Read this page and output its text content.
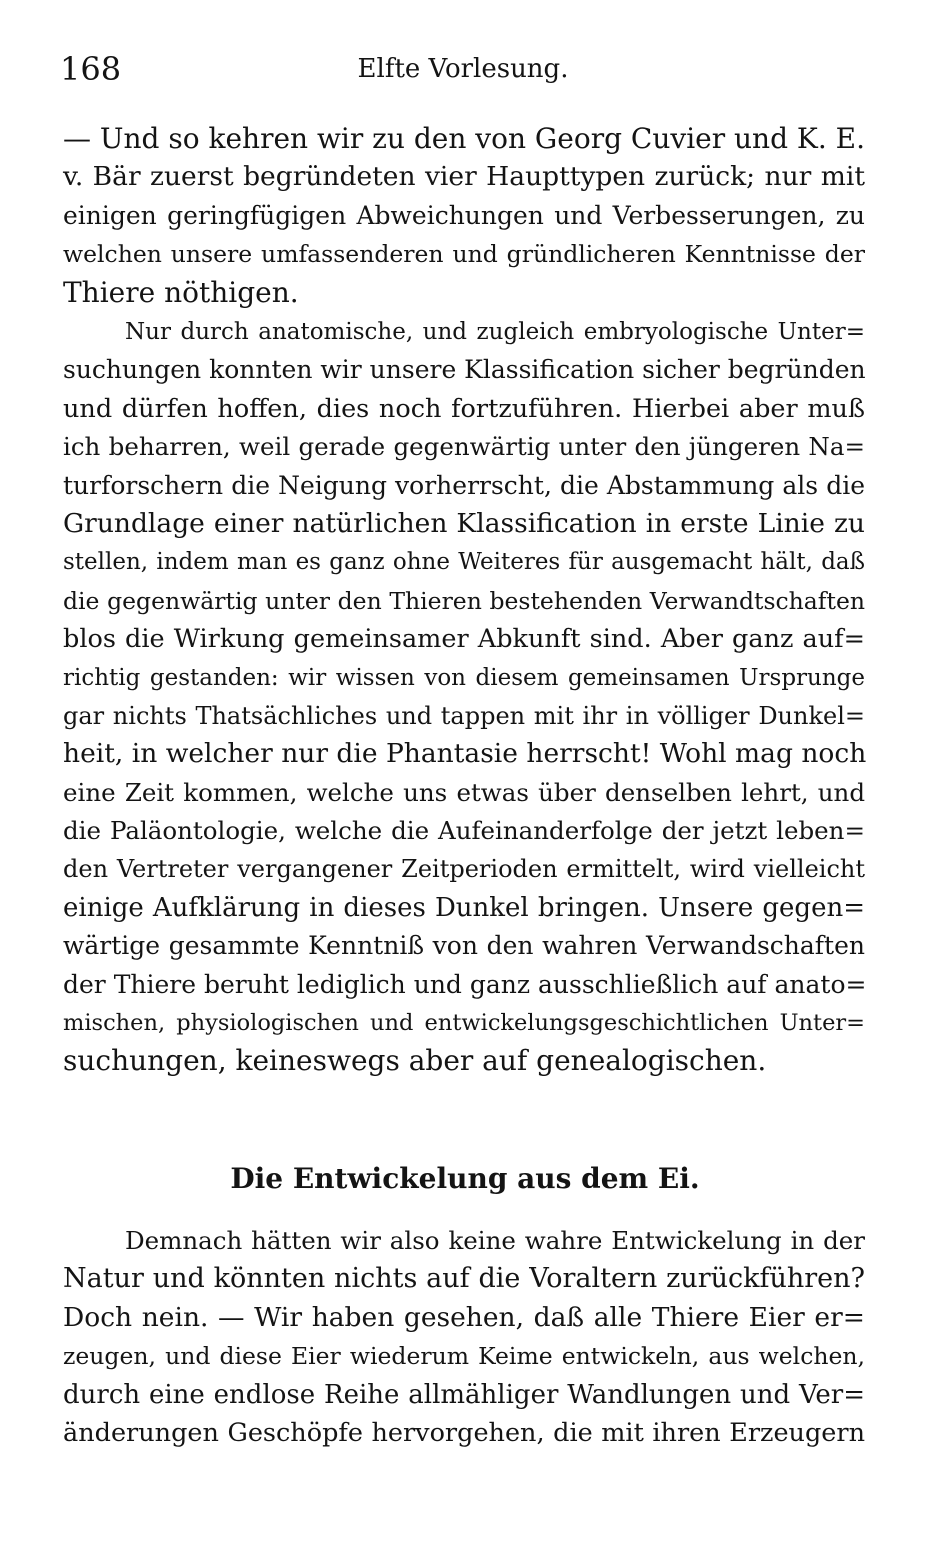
168	Elfte Vorlesung.
— Und so kehren wir zu den von Georg Cuvier und K. E.
v. Bär zuerst begründeten vier Haupttypen zurück; nur mit
einigen geringfügigen Abweichungen und Verbesserungen, zu
welchen unsere umfassenderen und gründlicheren Kenntnisse der
Thiere nöthigen.
Nur durch anatomische, und zugleich embryologische Unter=
suchungen konnten wir unsere Klassification sicher begründen
und dürfen hoffen, dies noch fortzuführen. Hierbei aber muß
ich beharren, weil gerade gegenwärtig unter den jüngeren Na=
turforschern die Neigung vorherrscht, die Abstammung als die
Grundlage einer natürlichen Klassification in erste Linie zu
stellen, indem man es ganz ohne Weiteres für ausgemacht hält, daß
die gegenwärtig unter den Thieren bestehenden Verwandtschaften
blos die Wirkung gemeinsamer Abkunft sind. Aber ganz auf=
richtig gestanden: wir wissen von diesem gemeinsamen Ursprunge
gar nichts Thatsächliches und tappen mit ihr in völliger Dunkel=
heit, in welcher nur die Phantasie herrscht! Wohl mag noch
eine Zeit kommen, welche uns etwas über denselben lehrt, und
die Paläontologie, welche die Aufeinanderfolge der jetzt leben=
den Vertreter vergangener Zeitperioden ermittelt, wird vielleicht
einige Aufklärung in dieses Dunkel bringen. Unsere gegen=
wärtige gesammte Kenntniß von den wahren Verwandschaften
der Thiere beruht lediglich und ganz ausschließlich auf anato=
mischen, physiologischen und entwickelungsgeschichtlichen Unter=
suchungen, keineswegs aber auf genealogischen.
Die Entwickelung aus dem Ei.
Demnach hätten wir also keine wahre Entwickelung in der
Natur und könnten nichts auf die Voraltern zurückführen?
Doch nein. — Wir haben gesehen, daß alle Thiere Eier er=
zeugen, und diese Eier wiederum Keime entwickeln, aus welchen,
durch eine endlose Reihe allmähliger Wandlungen und Ver=
änderungen Geschöpfe hervorgehen, die mit ihren Erzeugern
